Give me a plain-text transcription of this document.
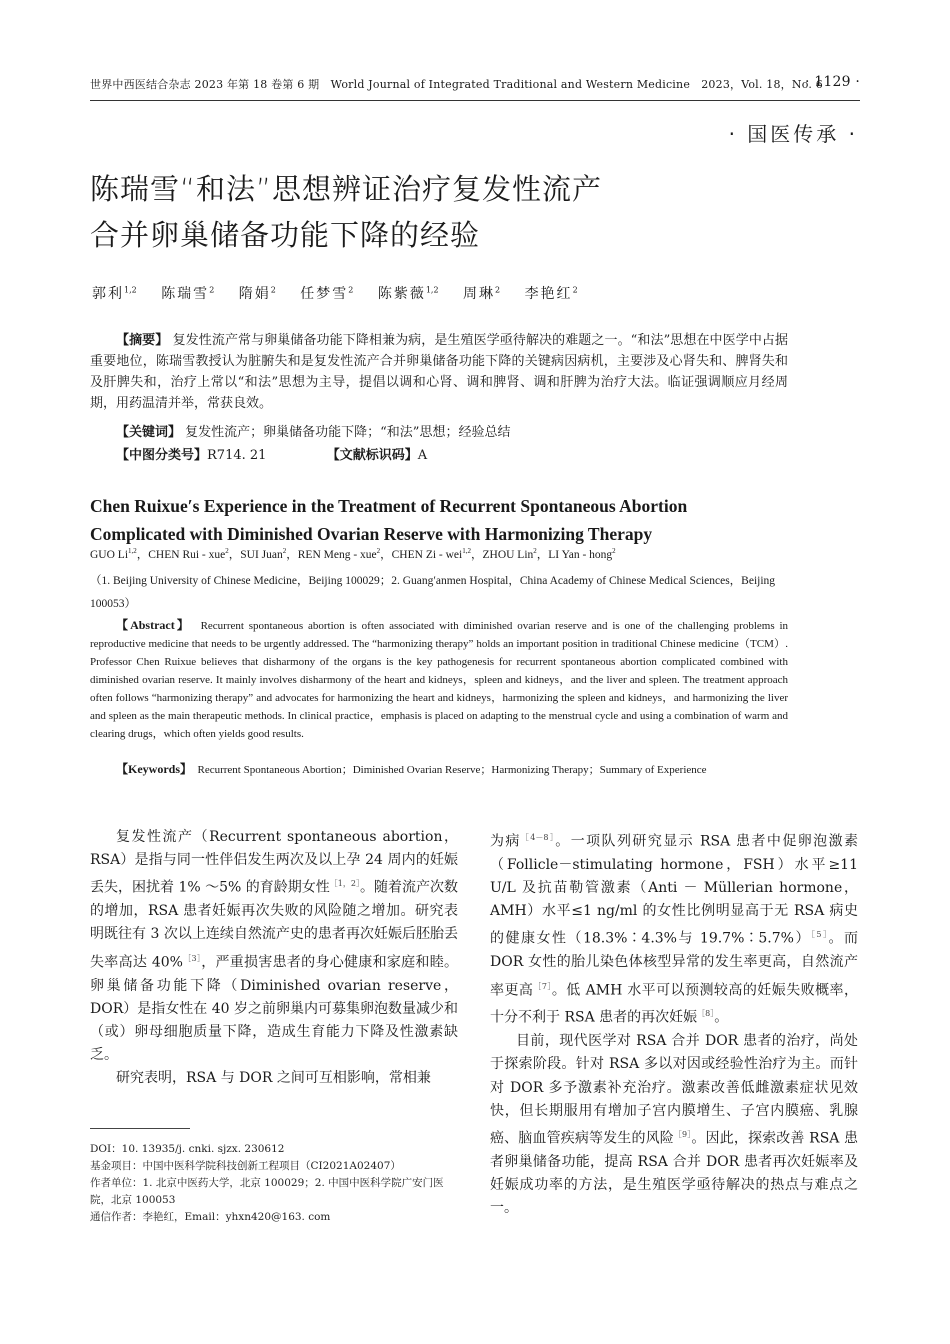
世界中西医结合杂志 2023 年第 18 卷第 6 期　World Journal of Integrated Traditional and Western Medicine　2023，Vol. 18，No. 6
· 1129 ·
· 国医传承 ·
陈瑞雪“和法”思想辨证治疗复发性流产
合并卵巢储备功能下降的经验
郭利$^{1,2}$ 陈瑞雪$^2$ 隋娟$^2$ 任梦雪$^2$ 陈紫薇$^{1,2}$ 周琳$^2$ 李艳红$^2$

【摘要】 复发性流产常与卵巢储备功能下降相兼为病，是生殖医学亟待解决的难题之一。“和法”思想在中医学中占据重要地位，陈瑞雪教授认为脏腑失和是复发性流产合并卵巢储备功能下降的关键病因病机，主要涉及心肾失和、脾肾失和及肝脾失和，治疗上常以“和法”思想为主导，提倡以调和心肾、调和脾肾、调和肝脾为治疗大法。临证强调顺应月经周期，用药温清并举，常获良效。

【关键词】 复发性流产；卵巢储备功能下降；“和法”思想；经验总结
【中图分类号】R714. 21	【文献标识码】A
Chen Ruixue′s Experience in the Treatment of Recurrent Spontaneous Abortion
Complicated with Diminished Ovarian Reserve with Harmonizing Therapy
GUO Li$^{1,2}$，CHEN Rui - xue$^2$，SUI Juan$^2$，REN Meng - xue$^2$，CHEN Zi - wei$^{1,2}$，ZHOU Lin$^2$，LI Yan - hong$^2$
（1. Beijing University of Chinese Medicine，Beijing 100029；2. Guang′anmen Hospital，China Academy of Chinese Medical Sciences，Beijing 100053）

【Abstract】 Recurrent spontaneous abortion is often associated with diminished ovarian reserve and is one of the challenging problems in reproductive medicine that needs to be urgently addressed. The “harmonizing therapy” holds an important position in traditional Chinese medicine（TCM）. Professor Chen Ruixue believes that disharmony of the organs is the key pathogenesis for recurrent spontaneous abortion complicated combined with diminished ovarian reserve. It mainly involves disharmony of the heart and kidneys，spleen and kidneys，and the liver and spleen. The treatment approach often follows “harmonizing therapy” and advocates for harmonizing the heart and kidneys，harmonizing the spleen and kidneys，and harmonizing the liver and spleen as the main therapeutic methods. In clinical practice，emphasis is placed on adapting to the menstrual cycle and using a combination of warm and clearing drugs，which often yields good results.

【Keywords】 Recurrent Spontaneous Abortion；Diminished Ovarian Reserve；Harmonizing Therapy；Summary of Experience

复发性流产（Recurrent spontaneous abortion，RSA）是指与同一性伴侣发生两次及以上孕 24 周内的妊娠丢失，困扰着 1% ～5% 的育龄期女性$^{[1,2]}$。随着流产次数的增加，RSA 患者妊娠再次失败的风险随之增加。研究表明既往有 3 次以上连续自然流产史的患者再次妊娠后胚胎丢失率高达 40%$^{[3]}$，严重损害患者的身心健康和家庭和睦。卵巢储备功能下降（Diminished ovarian reserve，DOR）是指女性在 40 岁之前卵巢内可募集卵泡数量减少和（或）卵母细胞质量下降，造成生育能力下降及性激素缺乏。

研究表明，RSA 与 DOR 之间可互相影响，常相兼

为病$^{[4-8]}$。一项队列研究显示 RSA 患者中促卵泡激素（Follicle－stimulating hormone，FSH）水平≥11 U/L 及抗苗勒管激素（Anti － Müllerian hormone，AMH）水平≤1 ng/ml 的女性比例明显高于无 RSA 病史的健康女性（18.3%∶4.3%与 19.7%∶5.7%）$^{[5]}$。而 DOR 女性的胎儿染色体核型异常的发生率更高，自然流产率更高$^{[7]}$。低 AMH 水平可以预测较高的妊娠失败概率，十分不利于 RSA 患者的再次妊娠$^{[8]}$。

目前，现代医学对 RSA 合并 DOR 患者的治疗，尚处于探索阶段。针对 RSA 多以对因或经验性治疗为主。而针对 DOR 多予激素补充治疗。激素改善低雌激素症状见效快，但长期服用有增加子宫内膜增生、子宫内膜癌、乳腺癌、脑血管疾病等发生的风险$^{[9]}$。因此，探索改善 RSA 患者卵巢储备功能，提高 RSA 合并 DOR 患者再次妊娠率及妊娠成功率的方法，是生殖医学亟待解决的热点与难点之一。

DOI：10. 13935/j. cnki. sjzx. 230612
基金项目：中国中医科学院科技创新工程项目（CI2021A02407）
作者单位：1. 北京中医药大学，北京 100029；2. 中国中医科学院广安门医院，北京 100053
通信作者：李艳红，Email：yhxn420@163. com
